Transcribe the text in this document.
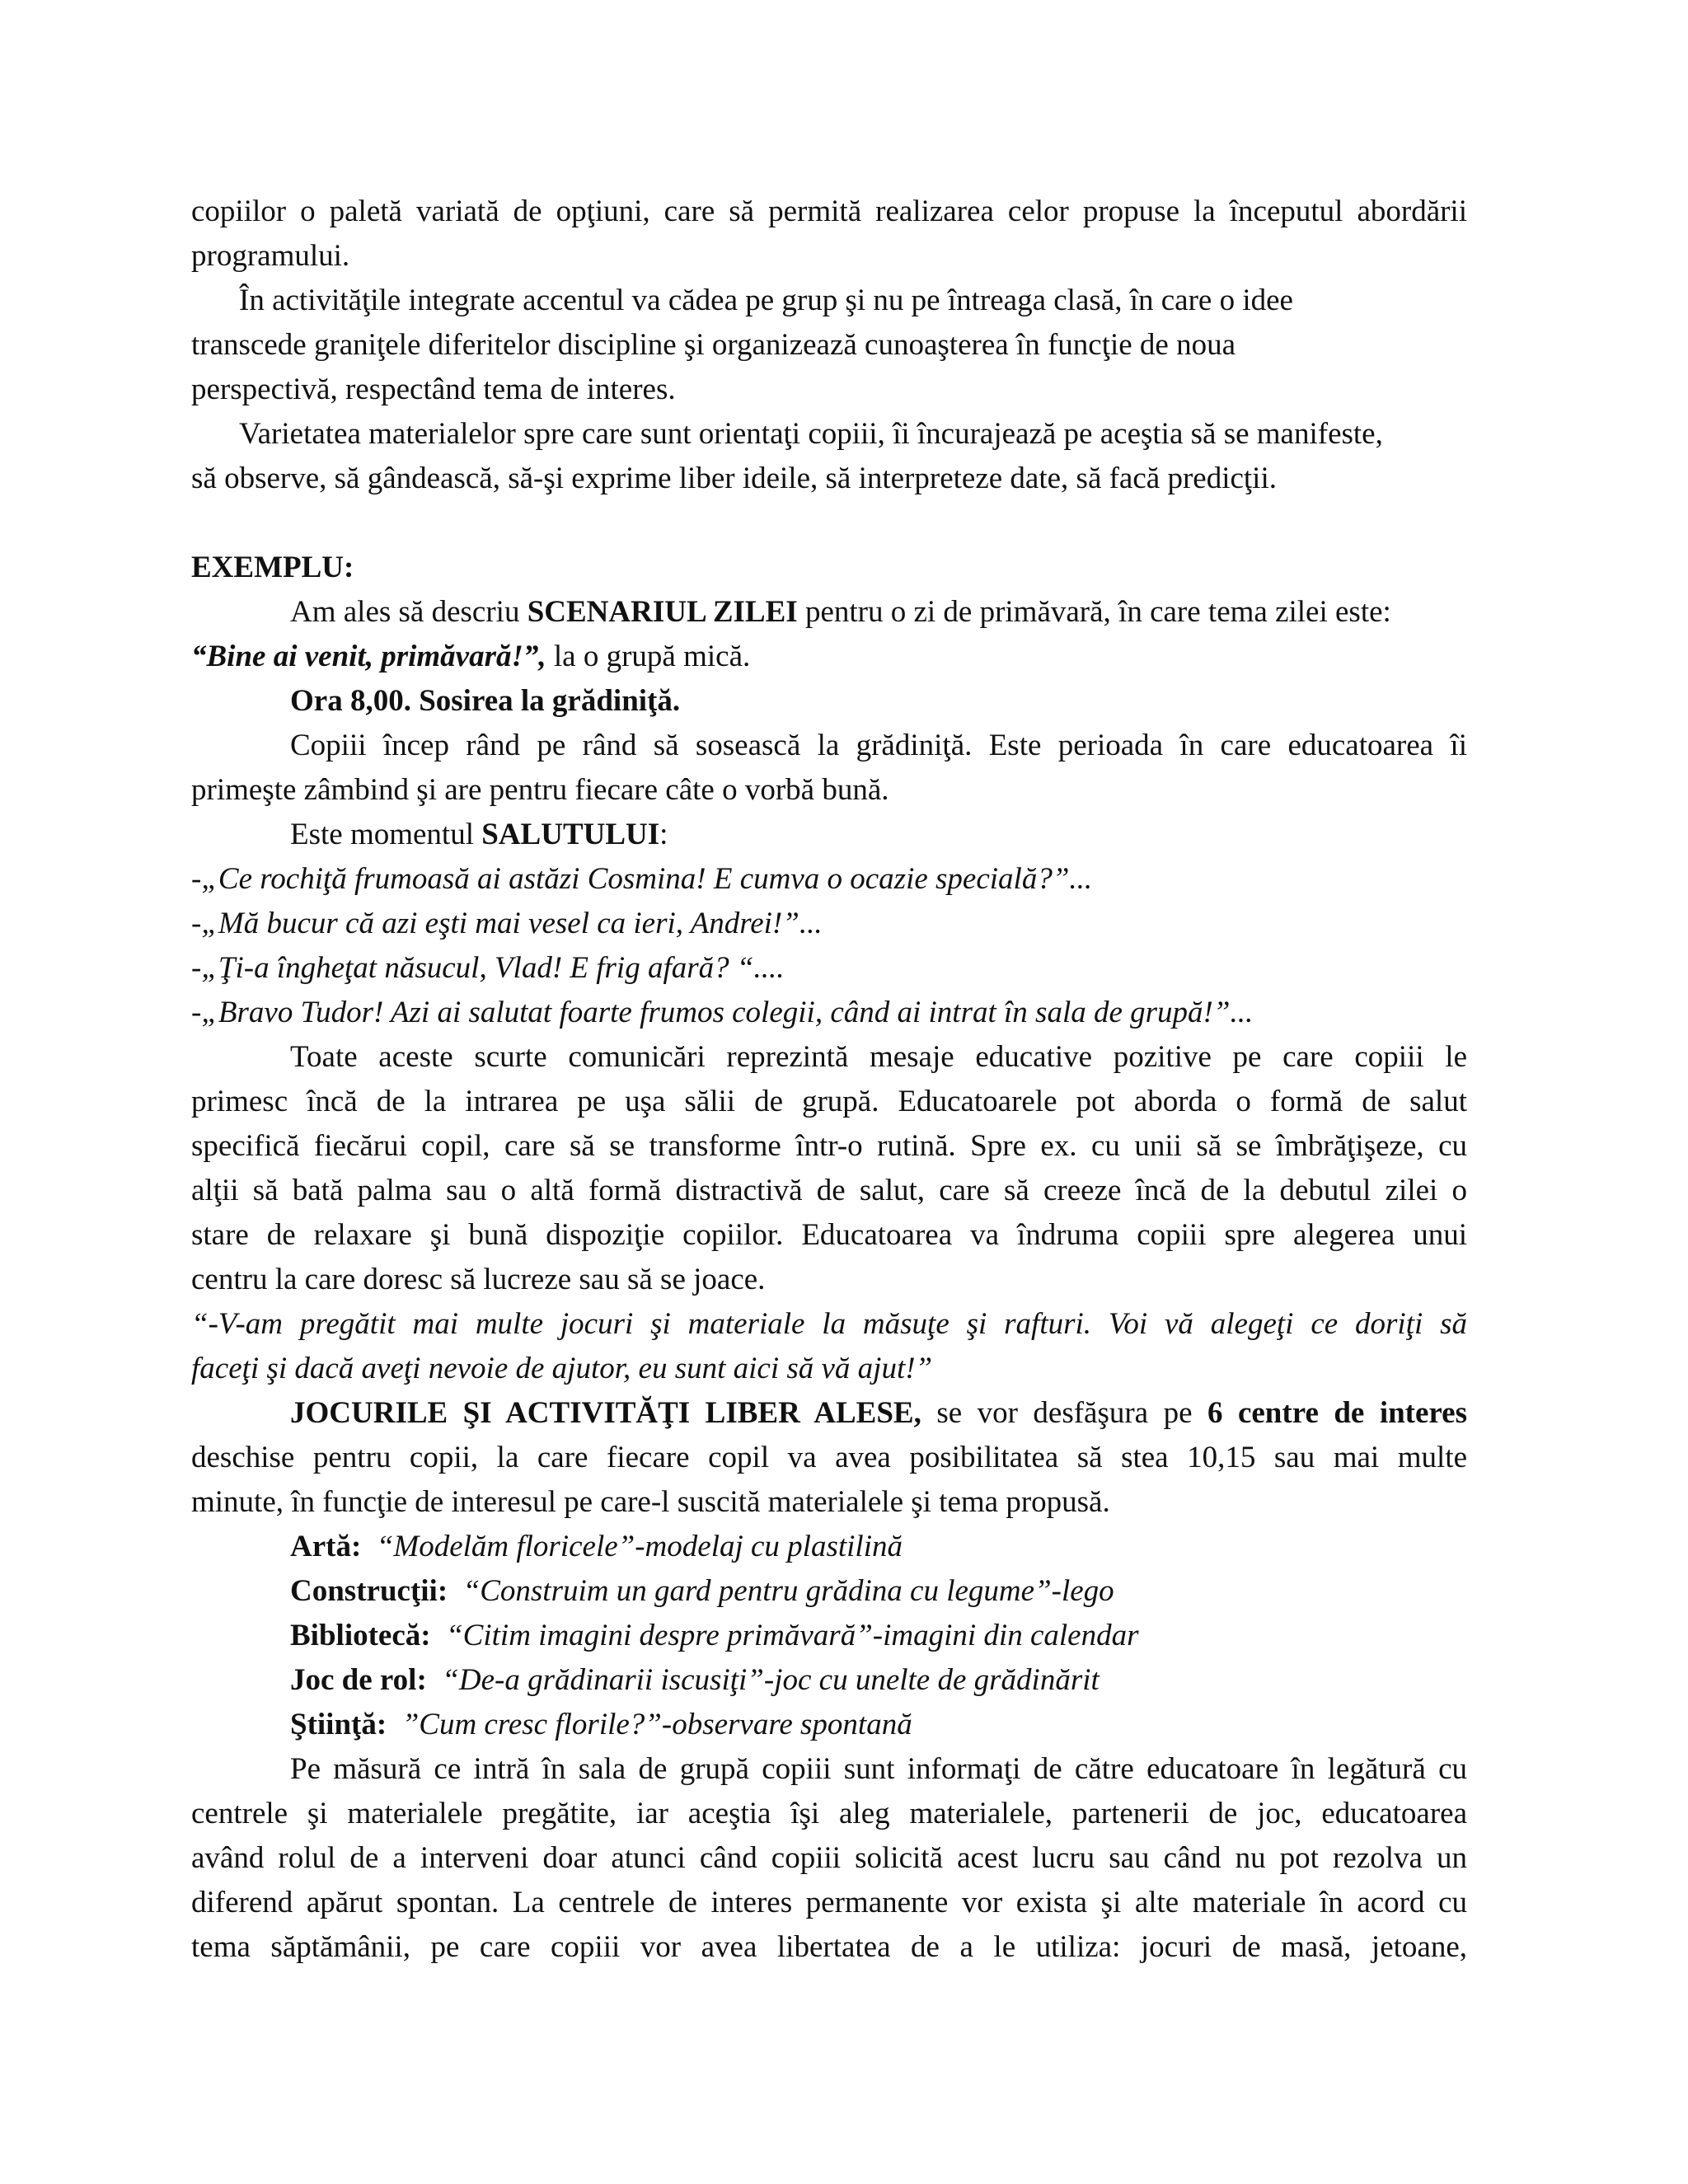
copiilor o paletă variată de opţiuni, care să permită realizarea celor propuse la începutul abordării

programului.

În activităţile integrate accentul va cădea pe grup şi nu pe întreaga clasă, în care o idee

transcede graniţele diferitelor discipline şi organizează cunoaşterea în funcţie de noua

perspectivă, respectând tema de interes.

Varietatea materialelor spre care sunt orientaţi copiii, îi încurajează pe aceştia să se manifeste,

să observe, să gândească, să-şi exprime liber ideile, să interpreteze date, să facă predicţii.

EXEMPLU:

Am ales să descriu SCENARIUL ZILEI pentru o zi de primăvară, în care tema zilei este:

“Bine ai venit, primăvară!”, la o grupă mică.

Ora 8,00. Sosirea la grădiniţă.

Copiii încep rând pe rând să sosească la grădiniţă. Este perioada în care educatoarea îi

primeşte zâmbind şi are pentru fiecare câte o vorbă bună.

Este momentul SALUTULUI:

-„Ce rochiţă frumoasă ai astăzi Cosmina! E cumva o ocazie specială?”...

-„Mă bucur că azi eşti mai vesel ca ieri, Andrei!”...

-„Ţi-a îngheţat năsucul, Vlad! E frig afară? “....

-„Bravo Tudor! Azi ai salutat foarte frumos colegii, când ai intrat în sala de grupă!”...

Toate aceste scurte comunicări reprezintă mesaje educative pozitive pe care copiii le

primesc încă de la intrarea pe uşa sălii de grupă. Educatoarele pot aborda o formă de salut

specifică fiecărui copil, care să se transforme într-o rutină. Spre ex. cu unii să se îmbrăţişeze, cu

alţii să bată palma sau o altă formă distractivă de salut, care să creeze încă de la debutul zilei o

stare de relaxare şi bună dispoziţie copiilor. Educatoarea va îndruma copiii spre alegerea unui

centru la care doresc să lucreze sau să se joace.

“-V-am pregătit mai multe jocuri şi materiale la măsuţe şi rafturi. Voi vă alegeţi ce doriţi să

faceţi şi dacă aveţi nevoie de ajutor, eu sunt aici să vă ajut!”

JOCURILE ŞI ACTIVITĂŢI LIBER ALESE, se vor desfăşura pe 6 centre de interes

deschise pentru copii, la care fiecare copil va avea posibilitatea să stea 10,15 sau mai multe

minute, în funcţie de interesul pe care-l suscită materialele şi tema propusă.

Artă: “Modelăm floricele”-modelaj cu plastilină

Construcţii: “Construim un gard pentru grădina cu legume”-lego

Bibliotecă: “Citim imagini despre primăvară”-imagini din calendar

Joc de rol: “De-a grădinarii iscusiţi”-joc cu unelte de grădinărit

Ştiinţă: ”Cum cresc florile?”-observare spontană

Pe măsură ce intră în sala de grupă copiii sunt informaţi de către educatoare în legătură cu

centrele şi materialele pregătite, iar aceştia îşi aleg materialele, partenerii de joc, educatoarea

având rolul de a interveni doar atunci când copiii solicită acest lucru sau când nu pot rezolva un

diferend apărut spontan. La centrele de interes permanente vor exista şi alte materiale în acord cu

tema săptămânii, pe care copiii vor avea libertatea de a le utiliza: jocuri de masă, jetoane,
